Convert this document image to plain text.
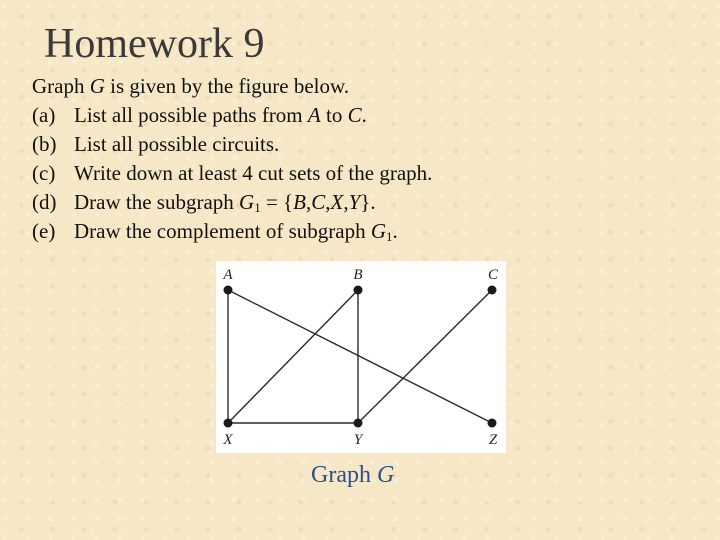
Homework 9
Graph G is given by the figure below.
(a) List all possible paths from A to C.
(b) List all possible circuits.
(c) Write down at least 4 cut sets of the graph.
(d) Draw the subgraph $G_1 = \{B,C,X,Y\}$.
(e) Draw the complement of subgraph $G_1$.
A	B	C
X	Y	Z
Graph G
